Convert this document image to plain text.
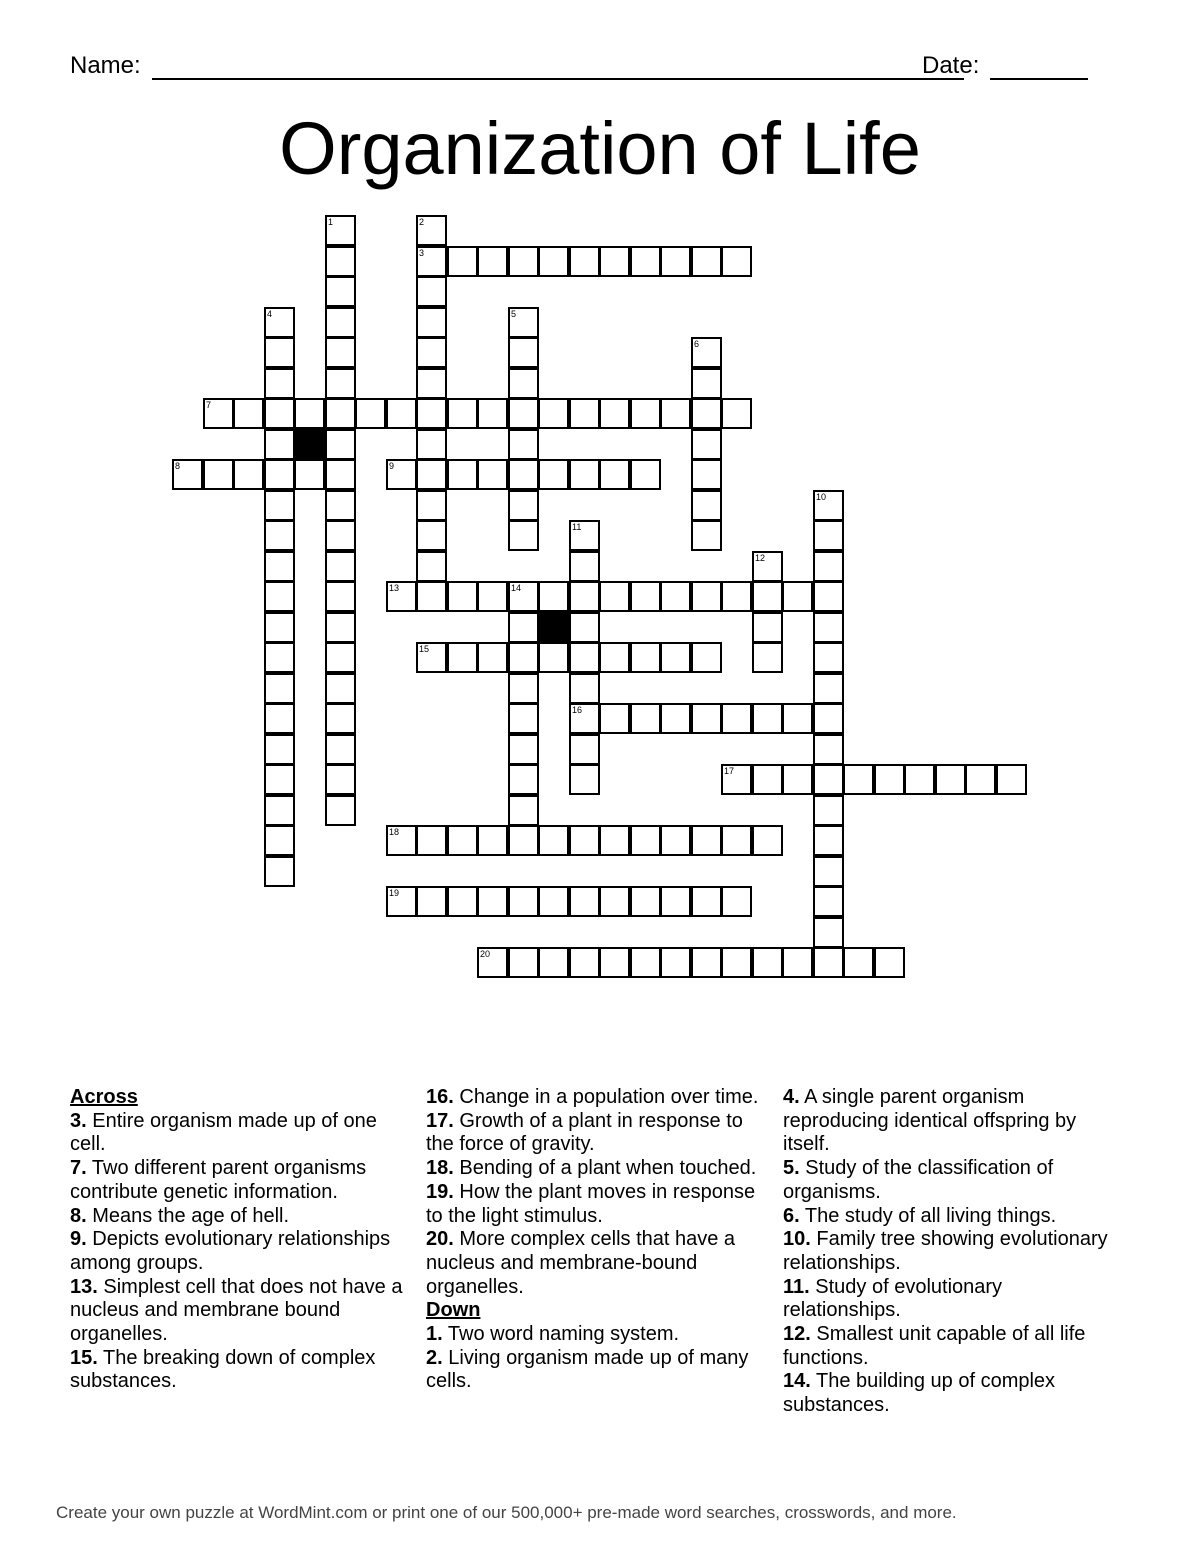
Name:	Date:
Organization of Life
3
7
8	9
13	14
15
16
17
18
19
20
1	2
4	5
6
10
11
12
Across
3. Entire organism made up of one cell.
7. Two different parent organisms contribute genetic information.
8. Means the age of hell.
9. Depicts evolutionary relationships among groups.
13. Simplest cell that does not have a nucleus and membrane bound organelles.
15. The breaking down of complex substances.
16. Change in a population over time.
17. Growth of a plant in response to the force of gravity.
18. Bending of a plant when touched.
19. How the plant moves in response to the light stimulus.
20. More complex cells that have a nucleus and membrane-bound organelles.
Down
1. Two word naming system.
2. Living organism made up of many cells.
4. A single parent organism reproducing identical offspring by itself.
5. Study of the classification of organisms.
6. The study of all living things.
10. Family tree showing evolutionary relationships.
11. Study of evolutionary relationships.
12. Smallest unit capable of all life functions.
14. The building up of complex substances.
Create your own puzzle at WordMint.com or print one of our 500,000+ pre-made word searches, crosswords, and more.
